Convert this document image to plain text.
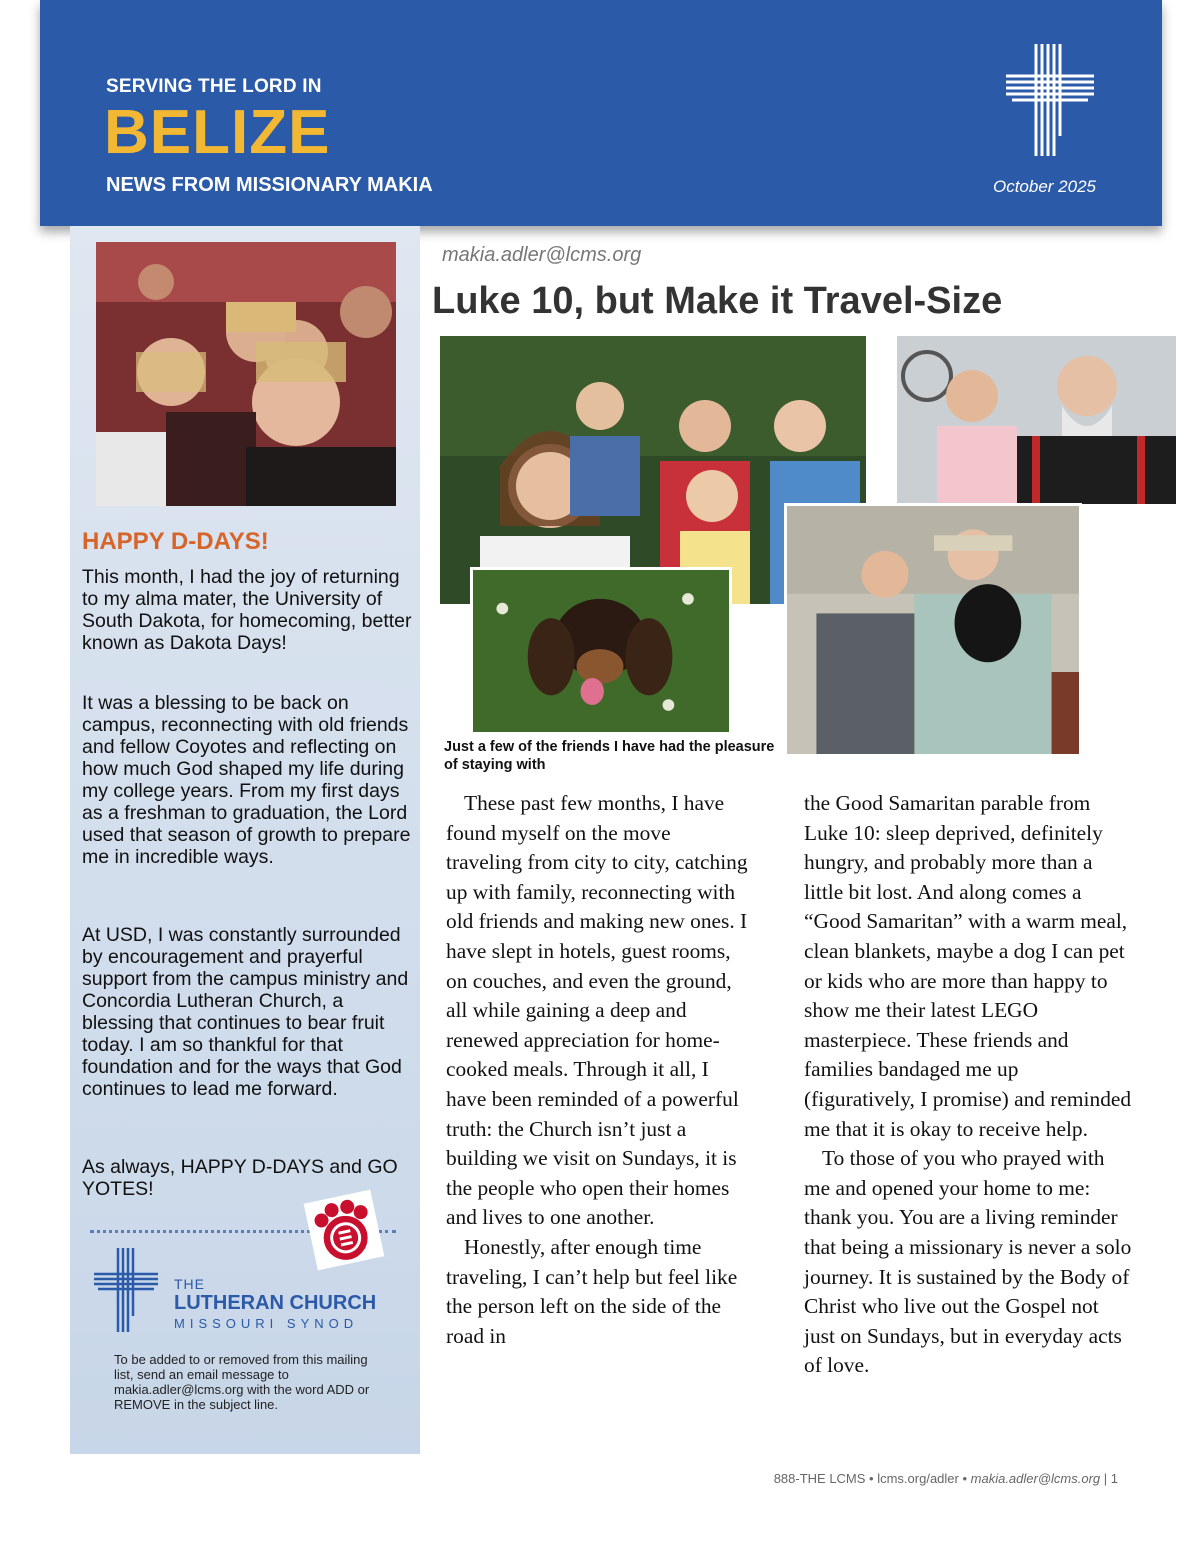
SERVING THE LORD IN
BELIZE
NEWS FROM MISSIONARY MAKIA	October 2025
HAPPY D-DAYS!

This month, I had the joy of returning to my alma mater, the University of South Dakota, for homecoming, better known as Dakota Days!

It was a blessing to be back on campus, reconnecting with old friends and fellow Coyotes and reflecting on how much God shaped my life during my college years. From my first days as a freshman to graduation, the Lord used that season of growth to prepare me in incredible ways.

At USD, I was constantly surrounded by encouragement and prayerful support from the campus ministry and Concordia Lutheran Church, a blessing that continues to bear fruit today. I am so thankful for that foundation and for the ways that God continues to lead me forward.

As always, HAPPY D-DAYS and GO YOTES!

THE
LUTHERAN CHURCH
MISSOURI SYNOD

To be added to or removed from this mailing list, send an email message to makia.adler@lcms.org with the word ADD or REMOVE in the subject line.

makia.adler@lcms.org
Luke 10, but Make it Travel-Size

Just a few of the friends I have had the pleasure of staying with

These past few months, I have found myself on the move traveling from city to city, catching up with family, reconnecting with old friends and making new ones. I have slept in hotels, guest rooms, on couches, and even the ground, all while gaining a deep and renewed appreciation for home-cooked meals. Through it all, I have been reminded of a powerful truth: the Church isn’t just a building we visit on Sundays, it is the people who open their homes and lives to one another.

Honestly, after enough time traveling, I can’t help but feel like the person left on the side of the road in

the Good Samaritan parable from Luke 10: sleep deprived, definitely hungry, and probably more than a little bit lost. And along comes a “Good Samaritan” with a warm meal, clean blankets, maybe a dog I can pet or kids who are more than happy to show me their latest LEGO masterpiece. These friends and families bandaged me up (figuratively, I promise) and reminded me that it is okay to receive help.

To those of you who prayed with me and opened your home to me: thank you. You are a living reminder that being a missionary is never a solo journey. It is sustained by the Body of Christ who live out the Gospel not just on Sundays, but in everyday acts of love.

888-THE LCMS • lcms.org/adler • makia.adler@lcms.org | 1
